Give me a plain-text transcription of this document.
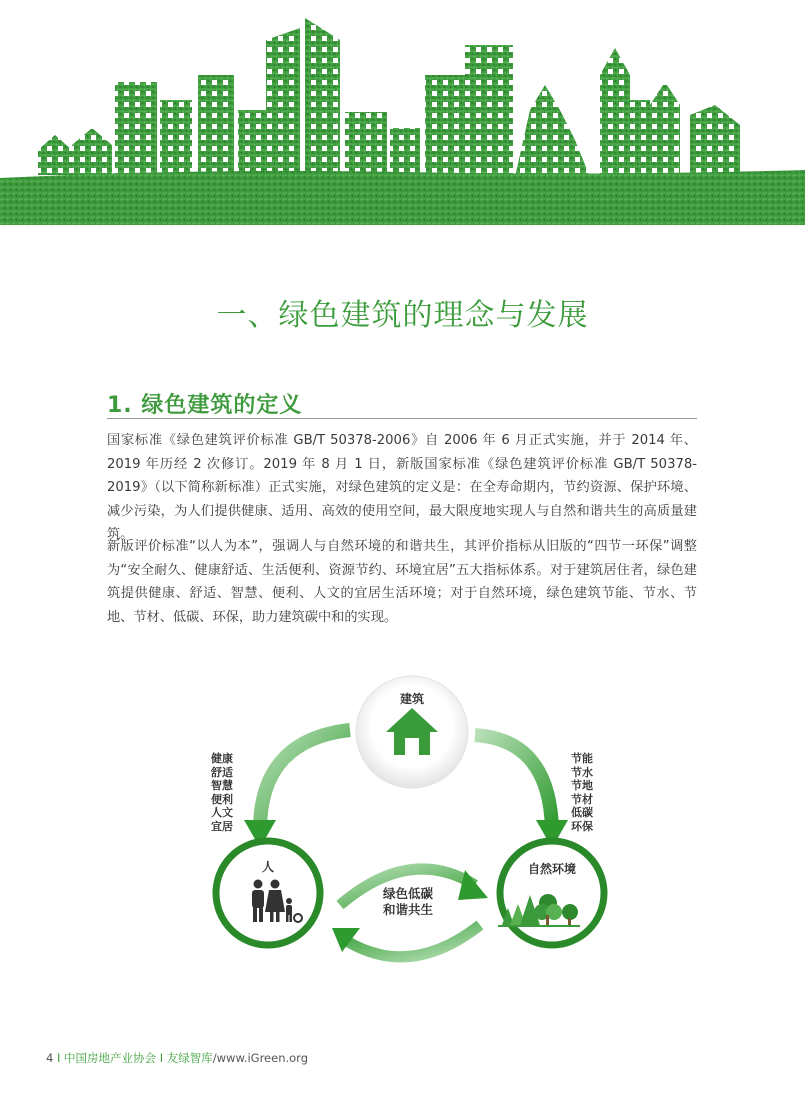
一、绿色建筑的理念与发展
1. 绿色建筑的定义

国家标准《绿色建筑评价标准 GB/T 50378-2006》自 2006 年 6 月正式实施，并于 2014 年、2019 年历经 2 次修订。2019 年 8 月 1 日，新版国家标准《绿色建筑评价标准 GB/T 50378-2019》（以下简称新标准）正式实施，对绿色建筑的定义是：在全寿命期内，节约资源、保护环境、减少污染，为人们提供健康、适用、高效的使用空间，最大限度地实现人与自然和谐共生的高质量建筑。

新版评价标准“以人为本”，强调人与自然环境的和谐共生，其评价指标从旧版的“四节一环保”调整为“安全耐久、健康舒适、生活便利、资源节约、环境宜居”五大指标体系。对于建筑居住者，绿色建筑提供健康、舒适、智慧、便利、人文的宜居生活环境；对于自然环境，绿色建筑节能、节水、节地、节材、低碳、环保，助力建筑碳中和的实现。

建筑
人	自然环境
绿色低碳
和谐共生
健康
舒适
智慧
便利
人文
宜居
节能
节水
节地
节材
低碳
环保
4 I 中国房地产业协会 I 友绿智库/www.iGreen.org
